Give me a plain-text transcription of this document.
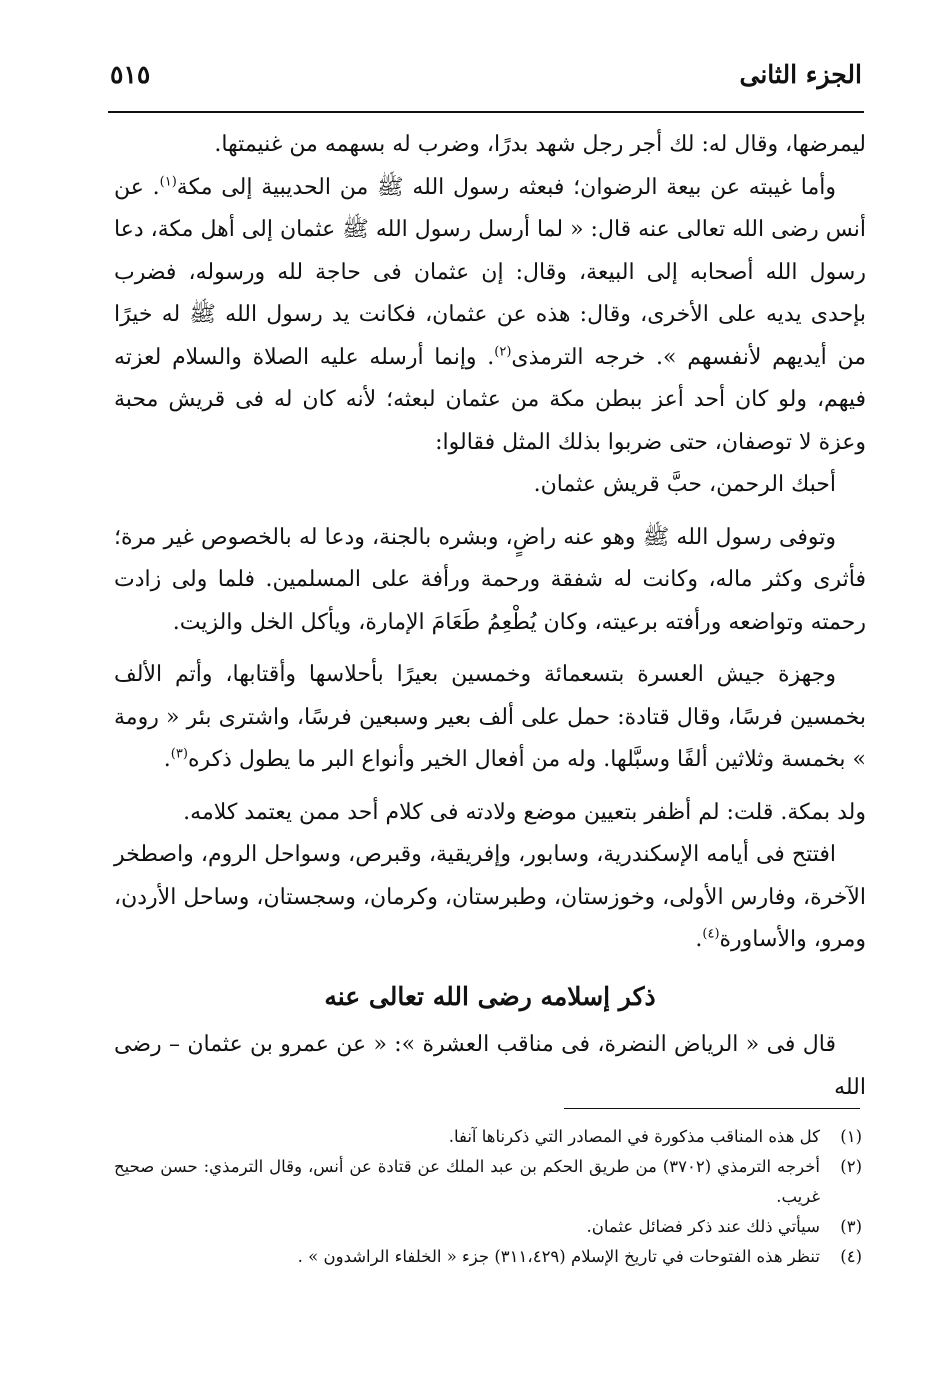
الجزء الثانى
٥١٥

ليمرضها، وقال له: لك أجر رجل شهد بدرًا، وضرب له بسهمه من غنيمتها.

وأما غيبته عن بيعة الرضوان؛ فبعثه رسول الله ﷺ من الحديبية إلى مكة$^{(١)}$. عن أنس رضى الله تعالى عنه قال: « لما أرسل رسول الله ﷺ عثمان إلى أهل مكة، دعا رسول الله أصحابه إلى البيعة، وقال: إن عثمان فى حاجة لله ورسوله، فضرب بإحدى يديه على الأخرى، وقال: هذه عن عثمان، فكانت يد رسول الله ﷺ له خيرًا من أيديهم لأنفسهم ». خرجه الترمذى$^{(٢)}$. وإنما أرسله عليه الصلاة والسلام لعزته فيهم، ولو كان أحد أعز ببطن مكة من عثمان لبعثه؛ لأنه كان له فى قريش محبة وعزة لا توصفان، حتى ضربوا بذلك المثل فقالوا:

أحبك الرحمن، حبَّ قريش عثمان.

وتوفى رسول الله ﷺ وهو عنه راضٍ، وبشره بالجنة، ودعا له بالخصوص غير مرة؛ فأثرى وكثر ماله، وكانت له شفقة ورحمة ورأفة على المسلمين. فلما ولى زادت رحمته وتواضعه ورأفته برعيته، وكان يُطْعِمُ طَعَامَ الإمارة، ويأكل الخل والزيت.

وجهزة جيش العسرة بتسعمائة وخمسين بعيرًا بأحلاسها وأقتابها، وأتم الألف بخمسين فرسًا، وقال قتادة: حمل على ألف بعير وسبعين فرسًا، واشترى بئر « رومة » بخمسة وثلاثين ألفًا وسبَّلها. وله من أفعال الخير وأنواع البر ما يطول ذكره$^{(٣)}$.

ولد بمكة. قلت: لم أظفر بتعيين موضع ولادته فى كلام أحد ممن يعتمد كلامه.

افتتح فى أيامه الإسكندرية، وسابور، وإفريقية، وقبرص، وسواحل الروم، واصطخر الآخرة، وفارس الأولى، وخوزستان، وطبرستان، وكرمان، وسجستان، وساحل الأردن، ومرو، والأساورة$^{(٤)}$.

ذكر إسلامه رضى الله تعالى عنه

قال فى « الرياض النضرة، فى مناقب العشرة »: « عن عمرو بن عثمان – رضى الله

(١)
كل هذه المناقب مذكورة في المصادر التي ذكرناها آنفا.
(٢)
أخرجه الترمذي (٣٧٠٢) من طريق الحكم بن عبد الملك عن قتادة عن أنس، وقال الترمذي: حسن صحيح غريب.
(٣)
سيأتي ذلك عند ذكر فضائل عثمان.
(٤)
تنظر هذه الفتوحات في تاريخ الإسلام (٣١١،٤٢٩) جزء « الخلفاء الراشدون » .
